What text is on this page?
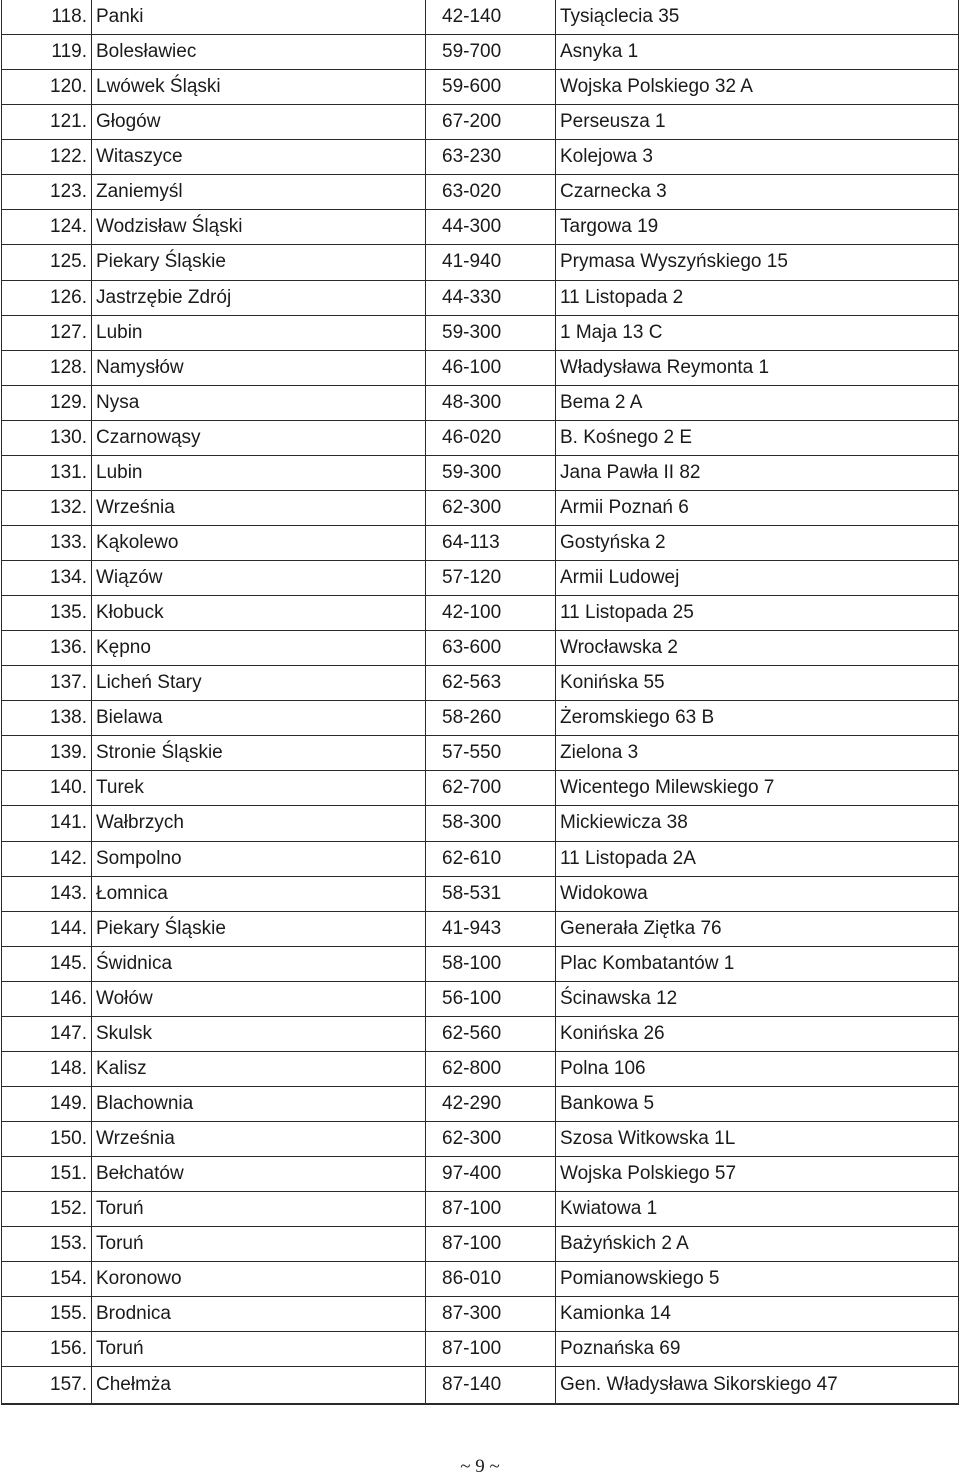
118.	Panki	42-140	Tysiąclecia 35
119.	Bolesławiec	59-700	Asnyka 1
120.	Lwówek Śląski	59-600	Wojska Polskiego 32 A
121.	Głogów	67-200	Perseusza 1
122.	Witaszyce	63-230	Kolejowa 3
123.	Zaniemyśl	63-020	Czarnecka 3
124.	Wodzisław Śląski	44-300	Targowa 19
125.	Piekary Śląskie	41-940	Prymasa Wyszyńskiego 15
126.	Jastrzębie Zdrój	44-330	11 Listopada 2
127.	Lubin	59-300	1 Maja 13 C
128.	Namysłów	46-100	Władysława Reymonta 1
129.	Nysa	48-300	Bema 2 A
130.	Czarnowąsy	46-020	B. Kośnego 2 E
131.	Lubin	59-300	Jana Pawła II 82
132.	Września	62-300	Armii Poznań 6
133.	Kąkolewo	64-113	Gostyńska 2
134.	Wiązów	57-120	Armii Ludowej
135.	Kłobuck	42-100	11 Listopada 25
136.	Kępno	63-600	Wrocławska 2
137.	Licheń Stary	62-563	Konińska 55
138.	Bielawa	58-260	Żeromskiego 63 B
139.	Stronie Śląskie	57-550	Zielona 3
140.	Turek	62-700	Wicentego Milewskiego 7
141.	Wałbrzych	58-300	Mickiewicza 38
142.	Sompolno	62-610	11 Listopada 2A
143.	Łomnica	58-531	Widokowa
144.	Piekary Śląskie	41-943	Generała Ziętka 76
145.	Świdnica	58-100	Plac Kombatantów 1
146.	Wołów	56-100	Ścinawska 12
147.	Skulsk	62-560	Konińska 26
148.	Kalisz	62-800	Polna 106
149.	Blachownia	42-290	Bankowa 5
150.	Września	62-300	Szosa Witkowska 1L
151.	Bełchatów	97-400	Wojska Polskiego 57
152.	Toruń	87-100	Kwiatowa 1
153.	Toruń	87-100	Bażyńskich 2 A
154.	Koronowo	86-010	Pomianowskiego 5
155.	Brodnica	87-300	Kamionka 14
156.	Toruń	87-100	Poznańska 69
157.	Chełmża	87-140	Gen. Władysława Sikorskiego 47
~ 9 ~
